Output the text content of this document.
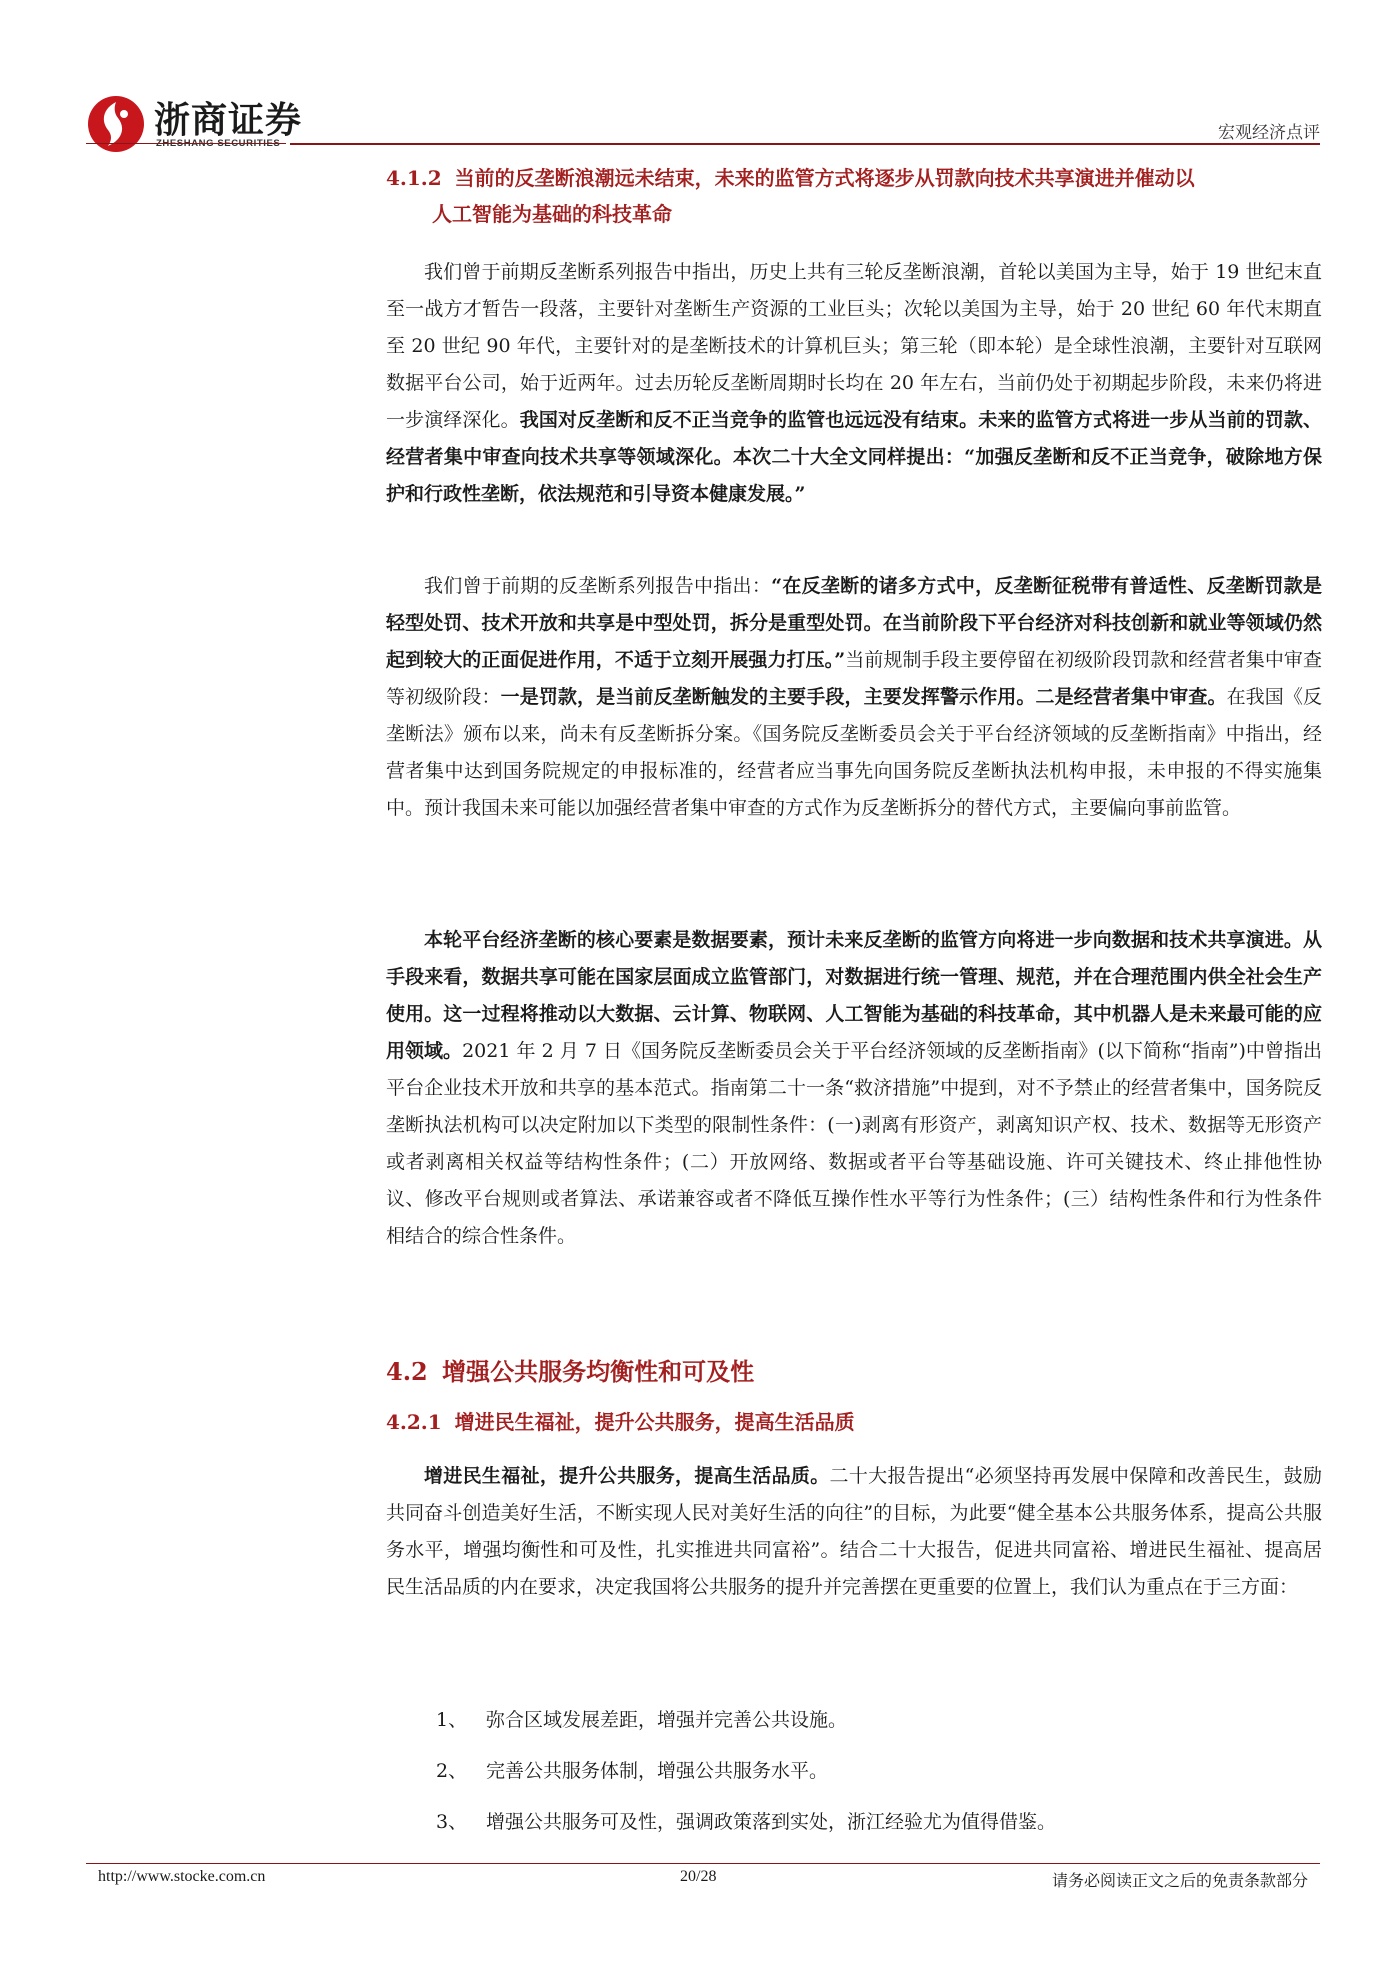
浙商证券	宏观经济点评
4.1.2 当前的反垄断浪潮远未结束，未来的监管方式将逐步从罚款向技术共享演进并催动以
人工智能为基础的科技革命
我们曾于前期反垄断系列报告中指出，历史上共有三轮反垄断浪潮，首轮以美国为主导，始于 19 世纪末直至一战方才暂告一段落，主要针对垄断生产资源的工业巨头；次轮以美国为主导，始于 20 世纪 60 年代末期直至 20 世纪 90 年代，主要针对的是垄断技术的计算机巨头；第三轮（即本轮）是全球性浪潮，主要针对互联网数据平台公司，始于近两年。过去历轮反垄断周期时长均在 20 年左右，当前仍处于初期起步阶段，未来仍将进一步演绎深化。我国对反垄断和反不正当竞争的监管也远远没有结束。未来的监管方式将进一步从当前的罚款、经营者集中审查向技术共享等领域深化。本次二十大全文同样提出：“加强反垄断和反不正当竞争，破除地方保护和行政性垄断，依法规范和引导资本健康发展。”
我们曾于前期的反垄断系列报告中指出：“在反垄断的诸多方式中，反垄断征税带有普适性、反垄断罚款是轻型处罚、技术开放和共享是中型处罚，拆分是重型处罚。在当前阶段下平台经济对科技创新和就业等领域仍然起到较大的正面促进作用，不适于立刻开展强力打压。”当前规制手段主要停留在初级阶段罚款和经营者集中审查等初级阶段：一是罚款，是当前反垄断触发的主要手段，主要发挥警示作用。二是经营者集中审查。在我国《反垄断法》颁布以来，尚未有反垄断拆分案。《国务院反垄断委员会关于平台经济领域的反垄断指南》中指出，经营者集中达到国务院规定的申报标准的，经营者应当事先向国务院反垄断执法机构申报，未申报的不得实施集中。预计我国未来可能以加强经营者集中审查的方式作为反垄断拆分的替代方式，主要偏向事前监管。
本轮平台经济垄断的核心要素是数据要素，预计未来反垄断的监管方向将进一步向数据和技术共享演进。从手段来看，数据共享可能在国家层面成立监管部门，对数据进行统一管理、规范，并在合理范围内供全社会生产使用。这一过程将推动以大数据、云计算、物联网、人工智能为基础的科技革命，其中机器人是未来最可能的应用领域。2021 年 2 月 7 日《国务院反垄断委员会关于平台经济领域的反垄断指南》(以下简称“指南”)中曾指出平台企业技术开放和共享的基本范式。指南第二十一条“救济措施”中提到，对不予禁止的经营者集中，国务院反垄断执法机构可以决定附加以下类型的限制性条件：(一)剥离有形资产，剥离知识产权、技术、数据等无形资产或者剥离相关权益等结构性条件；(二）开放网络、数据或者平台等基础设施、许可关键技术、终止排他性协议、修改平台规则或者算法、承诺兼容或者不降低互操作性水平等行为性条件；(三）结构性条件和行为性条件相结合的综合性条件。
4.2 增强公共服务均衡性和可及性
4.2.1 增进民生福祉，提升公共服务，提高生活品质
增进民生福祉，提升公共服务，提高生活品质。二十大报告提出“必须坚持再发展中保障和改善民生，鼓励共同奋斗创造美好生活，不断实现人民对美好生活的向往”的目标，为此要“健全基本公共服务体系，提高公共服务水平，增强均衡性和可及性，扎实推进共同富裕”。结合二十大报告，促进共同富裕、增进民生福祉、提高居民生活品质的内在要求，决定我国将公共服务的提升并完善摆在更重要的位置上，我们认为重点在于三方面：
1、 弥合区域发展差距，增强并完善公共设施。
2、 完善公共服务体制，增强公共服务水平。
3、 增强公共服务可及性，强调政策落到实处，浙江经验尤为值得借鉴。
http://www.stocke.com.cn	20/28	请务必阅读正文之后的免责条款部分
